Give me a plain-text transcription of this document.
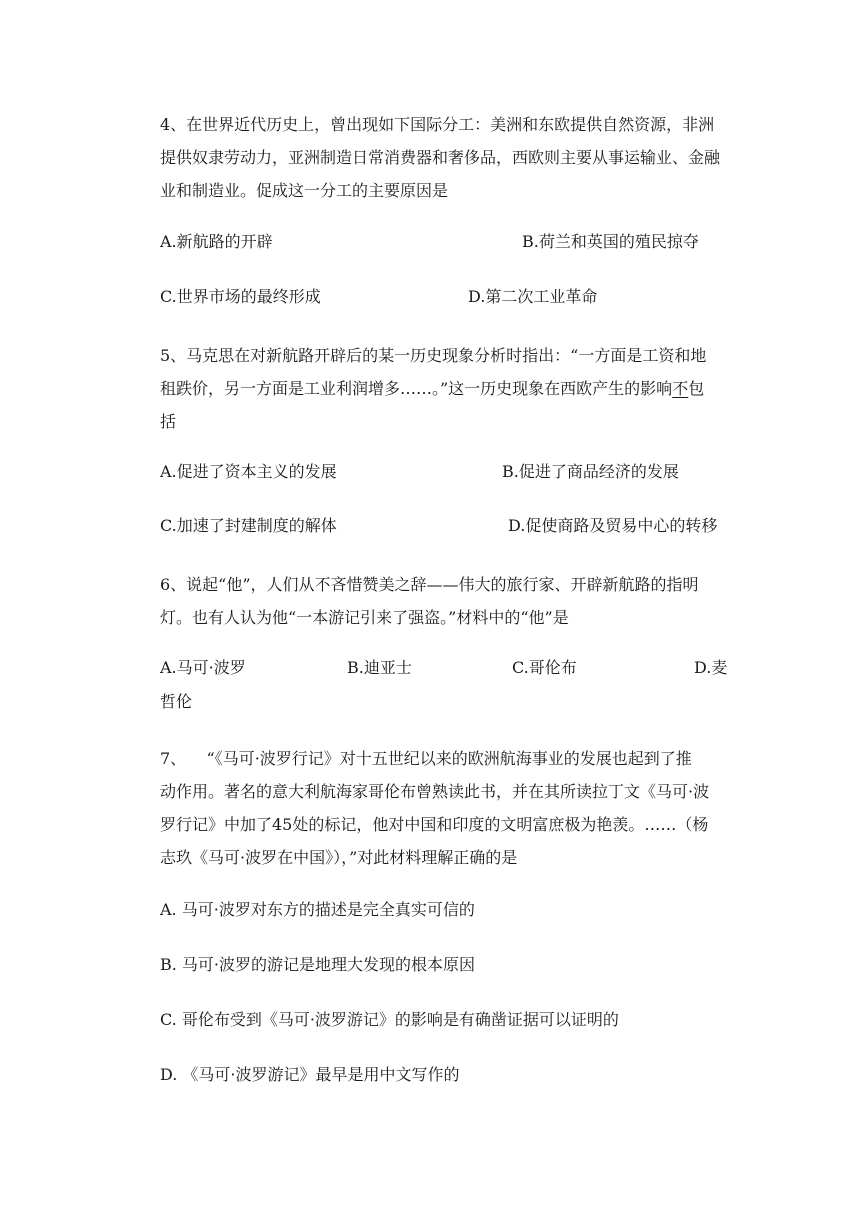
4、在世界近代历史上，曾出现如下国际分工：美洲和东欧提供自然资源，非洲
提供奴隶劳动力，亚洲制造日常消费器和奢侈品，西欧则主要从事运输业、金融
业和制造业。促成这一分工的主要原因是

A.新航路的开辟	B.荷兰和英国的殖民掠夺

C.世界市场的最终形成	D.第二次工业革命

5、马克思在对新航路开辟后的某一历史现象分析时指出：“一方面是工资和地
租跌价，另一方面是工业利润增多……。”这一历史现象在西欧产生的影响不包
括

A.促进了资本主义的发展	B.促进了商品经济的发展

C.加速了封建制度的解体	D.促使商路及贸易中心的转移

6、说起“他”，人们从不吝惜赞美之辞——伟大的旅行家、开辟新航路的指明
灯。也有人认为他“一本游记引来了强盗。”材料中的“他”是

A.马可·波罗	B.迪亚士	C.哥伦布	D.麦

哲伦

7、    “《马可·波罗行记》对十五世纪以来的欧洲航海事业的发展也起到了推
动作用。著名的意大利航海家哥伦布曾熟读此书，并在其所读拉丁文《马可·波
罗行记》中加了45处的标记，他对中国和印度的文明富庶极为艳羡。……（杨
志玖《马可·波罗在中国》），”对此材料理解正确的是

A. 马可·波罗对东方的描述是完全真实可信的

B. 马可·波罗的游记是地理大发现的根本原因

C. 哥伦布受到《马可·波罗游记》的影响是有确凿证据可以证明的

D. 《马可·波罗游记》最早是用中文写作的
